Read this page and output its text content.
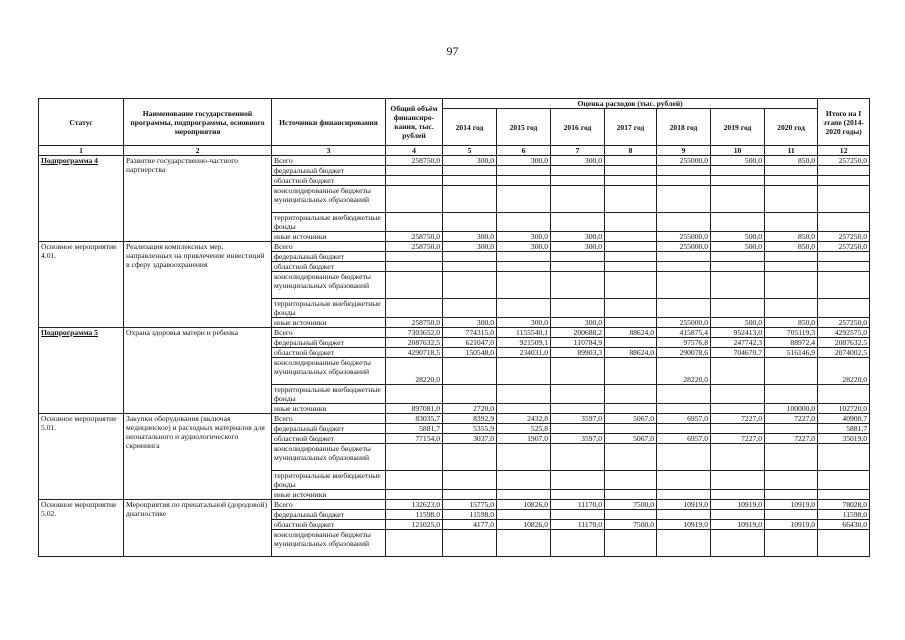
97
Статус	Наименование государственной программы, подпрограммы, основного мероприятия	Источники финансирования	Общий объём финансиро-вания, тыс. рублей	Оценка расходов (тыс. рублей)							Итого на I этапе (2014-2020 годы)
				2014 год	2015 год	2016 год	2017 год	2018 год	2019 год	2020 год	
1	2	3	4	5	6	7	8	9	10	11	12
Подпрограмма 4	Развитие государственно-частного партнерства	Всего	258750,0	300,0	300,0	300,0		255000,0	500,0	850,0	257250,0
		федеральный бюджет									
		областной бюджет									
		консолидированные бюджеты муниципальных образований									
		территориальные внебюджетные фонды									
		иные источники	258750,0	300,0	300,0	300,0		255000,0	500,0	850,0	257250,0
Основное мероприятие 4.01.	Реализация комплексных мер, направленных на привлечение инвестиций в сферу здравоохранения	Всего	258750,0	300,0	300,0	300,0		255000,0	500,0	850,0	257250,0
		федеральный бюджет									
		областной бюджет									
		консолидированные бюджеты муниципальных образований									
		территориальные внебюджетные фонды									
		иные источники	258750,0	300,0	300,0	300,0		255000,0	500,0	850,0	257250,0
Подпрограмма 5	Охрана здоровья матери и ребенка	Всего	7303652,0	774315,0	1155540,1	200688,2	88624,0	415875,4	952413,0	705119,3	4292575,0
		федеральный бюджет	2087632,5	621047,0	921509,1	110784,9		97576,8	247742,3	88972,4	2087632,5
		областной бюджет	4290718,5	150548,0	234031,0	89903,3	88624,0	290078,6	704670,7	516146,9	2074002,5
		консолидированные бюджеты муниципальных образований	28220,0					28220,0			28220,0
		территориальные внебюджетные фонды									
		иные источники	897081,0	2720,0						100000,0	102720,0
Основное мероприятие 5.01.	Закупки оборудования (включая медицинское) и расходных материалов для неонатального и аудиологического скрининга	Всего	83035,7	8392,9	2432,8	3597,0	5067,0	6957,0	7227,0	7227,0	40900,7
		федеральный бюджет	5881,7	5355,9	525,8						5881,7
		областной бюджет	77154,0	3037,0	1907,0	3597,0	5067,0	6957,0	7227,0	7227,0	35019,0
		консолидированные бюджеты муниципальных образований									
		территориальные внебюджетные фонды									
		иные источники									
Основное мероприятие 5.02.	Мероприятия по пренатальной (дородовой) диагностике	Всего	132623,0	15775,0	10826,0	11170,0	7500,0	10919,0	10919,0	10919,0	78028,0
		федеральный бюджет	11598,0	11598,0							11598,0
		областной бюджет	121025,0	4177,0	10826,0	11170,0	7500,0	10919,0	10919,0	10919,0	66430,0
		консолидированные бюджеты муниципальных образований									
